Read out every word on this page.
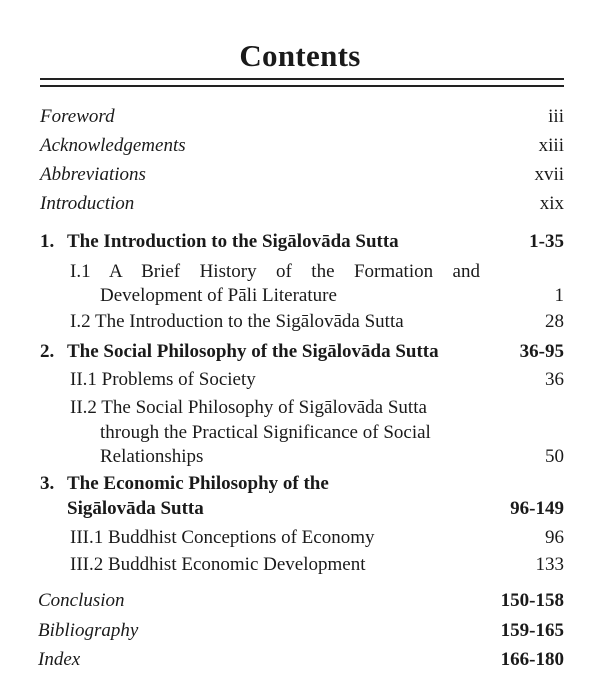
Contents
Foreword	iii
Acknowledgements	xiii
Abbreviations	xvii
Introduction	xix
1. The Introduction to the Sigālovāda Sutta	1-35
I.1 A Brief History of the Formation and
Development of Pāli Literature	1
I.2 The Introduction to the Sigālovāda Sutta	28
2. The Social Philosophy of the Sigālovāda Sutta	36-95
II.1 Problems of Society	36
II.2 The Social Philosophy of Sigālovāda Sutta
through the Practical Significance of Social
Relationships	50
3. The Economic Philosophy of the
Sigālovāda Sutta	96-149
III.1 Buddhist Conceptions of Economy	96
III.2 Buddhist Economic Development	133
Conclusion	150-158
Bibliography	159-165
Index	166-180
